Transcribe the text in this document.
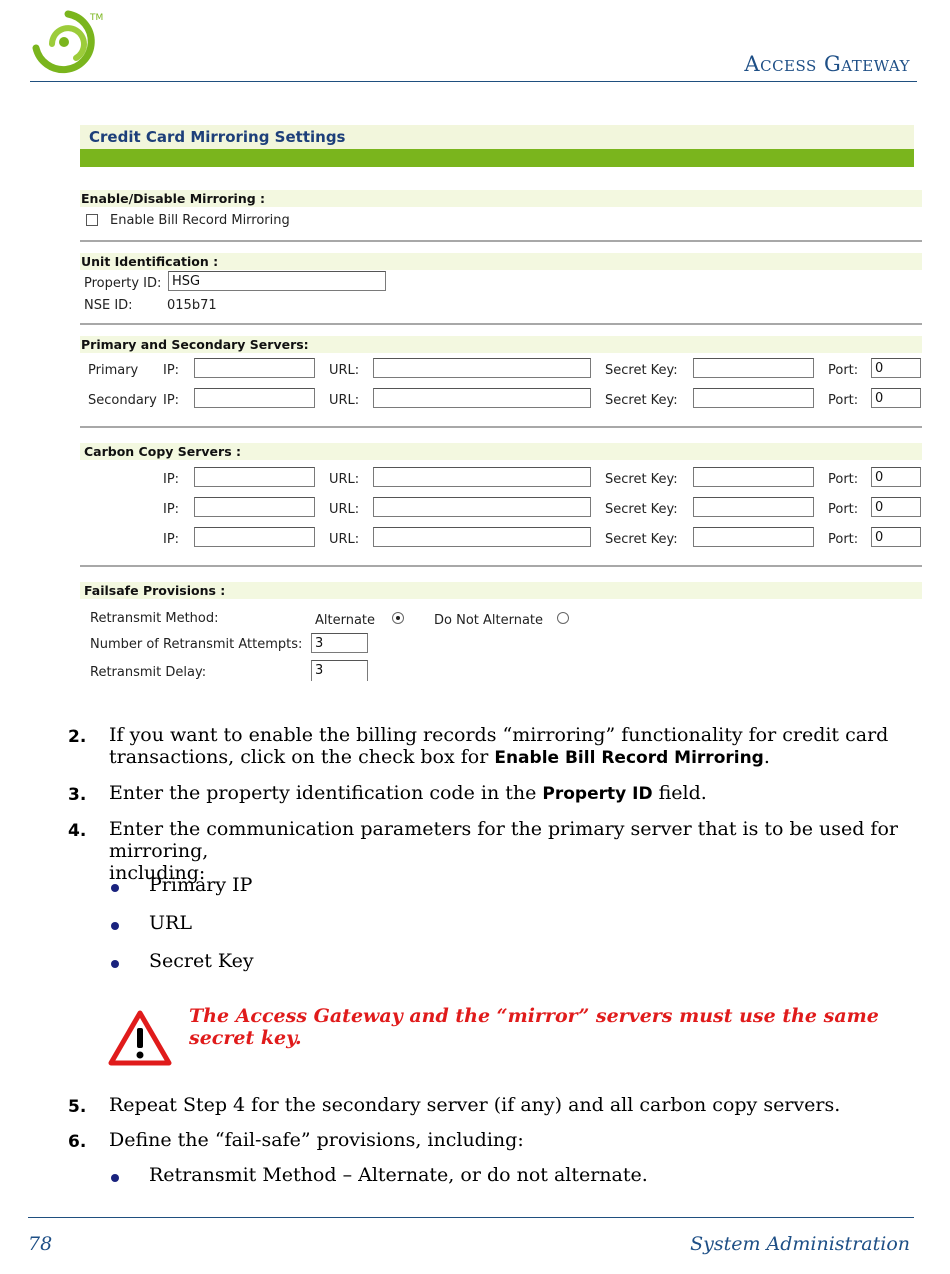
TM
Access Gateway
Credit Card Mirroring Settings
Enable/Disable Mirroring :
Enable Bill Record Mirroring
Unit Identification :
Property ID: HSG
NSE ID:	015b71
Primary and Secondary Servers:
Primary IP:	URL:	Secret Key:	Port:	0
Secondary IP:	URL:	Secret Key:	Port:	0
Carbon Copy Servers :
IP:	URL:	Secret Key:	Port:	0
IP:	URL:	Secret Key:	Port:	0
IP:	URL:	Secret Key:	Port:	0
Failsafe Provisions :
Retransmit Method:	Alternate	Do Not Alternate
Number of Retransmit Attempts: 3
Retransmit Delay:	3
2. If you want to enable the billing records “mirroring” functionality for credit card
transactions, click on the check box for Enable Bill Record Mirroring.
3. Enter the property identification code in the Property ID field.
4. Enter the communication parameters for the primary server that is to be used for mirroring,
including:
Primary IP
URL
Secret Key
The Access Gateway and the “mirror” servers must use the same secret key.
5. Repeat Step 4 for the secondary server (if any) and all carbon copy servers.
6. Define the “fail-safe” provisions, including:
Retransmit Method – Alternate, or do not alternate.
78	System Administration
